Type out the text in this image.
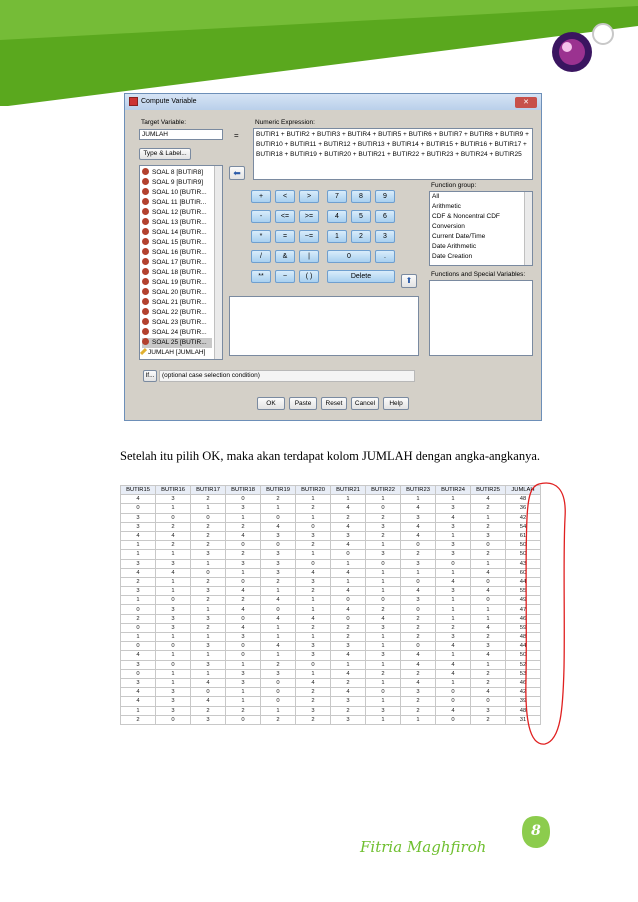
Compute Variable	✕
Target Variable:
JUMLAH	=
Type & Label...
Numeric Expression:
BUTIR1 + BUTIR2 + BUTIR3 + BUTIR4 + BUTIR5 + BUTIR6 + BUTIR7 + BUTIR8 + BUTIR9 + BUTIR10 + BUTIR11 + BUTIR12 + BUTIR13 + BUTIR14 + BUTIR15 + BUTIR16 + BUTIR17 + BUTIR18 + BUTIR19 + BUTIR20 + BUTIR21 + BUTIR22 + BUTIR23 + BUTIR24 + BUTIR25
SOAL 8 [BUTIR8]
SOAL 9 [BUTIR9]
SOAL 10 [BUTIR...
SOAL 11 [BUTIR...
SOAL 12 [BUTIR...
SOAL 13 [BUTIR...
SOAL 14 [BUTIR...
SOAL 15 [BUTIR...
SOAL 16 [BUTIR...
SOAL 17 [BUTIR...
SOAL 18 [BUTIR...
SOAL 19 [BUTIR...
SOAL 20 [BUTIR...
SOAL 21 [BUTIR...
SOAL 22 [BUTIR...
SOAL 23 [BUTIR...
SOAL 24 [BUTIR...
SOAL 25 [BUTIR...
JUMLAH [JUMLAH]
⬅
+	<	>	7	8	9
-	<=	>=	4	5	6
*	=	~=	1	2	3
/	&	|	0	.
**	~	( )	Delete	⬆
Function group:
All
Arithmetic
CDF & Noncentral CDF
Conversion
Current Date/Time
Date Arithmetic
Date Creation
Functions and Special Variables:
If...	(optional case selection condition)
OK	Paste	Reset	Cancel	Help
Setelah itu pilih OK, maka akan terdapat kolom JUMLAH dengan angka-angkanya.
BUTIR15	BUTIR16	BUTIR17	BUTIR18	BUTIR19	BUTIR20	BUTIR21	BUTIR22	BUTIR23	BUTIR24	BUTIR25	JUMLAH
4	3	2	0	2	1	1	1	1	1	4	48
0	1	1	3	1	2	4	0	4	3	2	36
3	0	0	1	0	1	2	2	3	4	1	42
3	2	2	2	4	0	4	3	4	3	2	54
4	4	2	4	3	3	3	2	4	1	3	61
1	2	2	0	0	2	4	1	0	3	0	50
1	1	3	2	3	1	0	3	2	3	2	50
3	3	1	3	3	0	1	0	3	0	1	43
4	4	0	1	3	4	4	1	1	1	4	60
2	1	2	0	2	3	1	1	0	4	0	44
3	1	3	4	1	2	4	1	4	3	4	55
1	0	2	2	4	1	0	0	3	1	0	49
0	3	1	4	0	1	4	2	0	1	1	47
2	3	3	0	4	4	0	4	2	1	1	46
0	3	2	4	1	2	2	3	2	2	4	59
1	1	1	3	1	1	2	1	2	3	2	48
0	0	3	0	4	3	3	1	0	4	3	44
4	1	1	0	1	3	4	3	4	1	4	50
3	0	3	1	2	0	1	1	4	4	1	52
0	1	1	3	3	1	4	2	2	4	2	53
3	1	4	3	0	4	2	1	4	1	2	46
4	3	0	1	0	2	4	0	3	0	4	42
4	3	4	1	0	2	3	1	2	0	0	39
1	3	2	2	1	3	2	3	2	4	3	48
2	0	3	0	2	2	3	1	1	0	2	31
Fitria Maghfiroh
8
